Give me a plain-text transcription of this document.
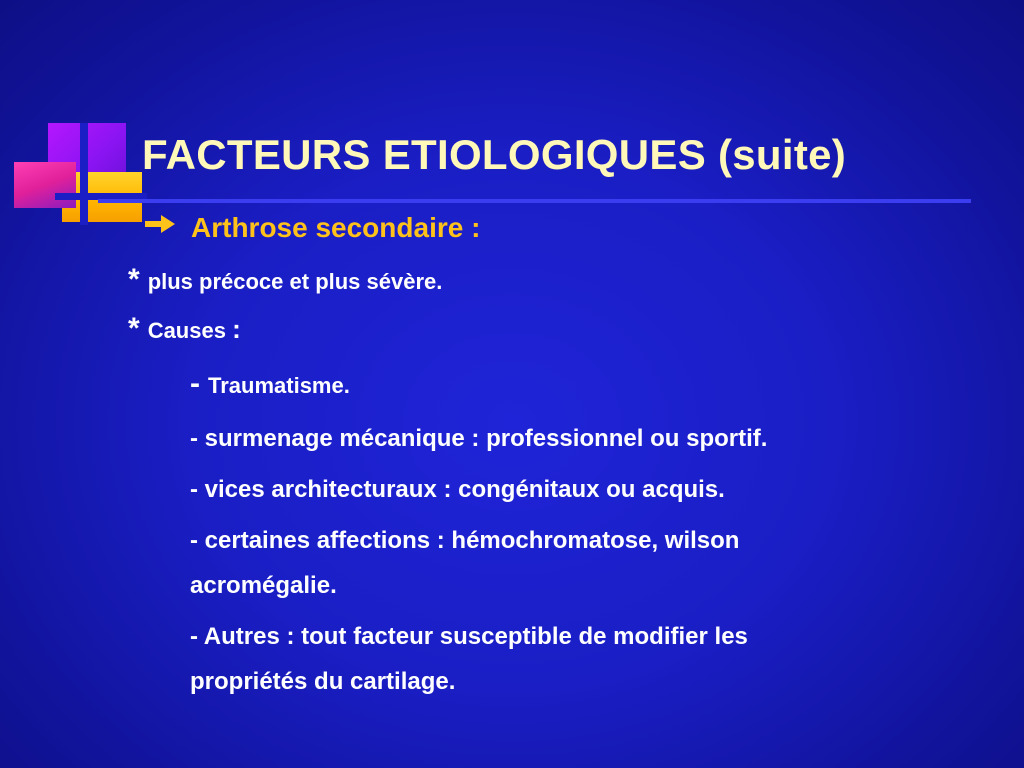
FACTEURS ETIOLOGIQUES (suite)
Arthrose secondaire :
* plus précoce et plus sévère.
* Causes :
- Traumatisme.
- surmenage mécanique : professionnel ou sportif.
- vices architecturaux : congénitaux ou acquis.
- certaines affections : hémochromatose, wilson
acromégalie.
- Autres : tout facteur susceptible de modifier les
propriétés du cartilage.
